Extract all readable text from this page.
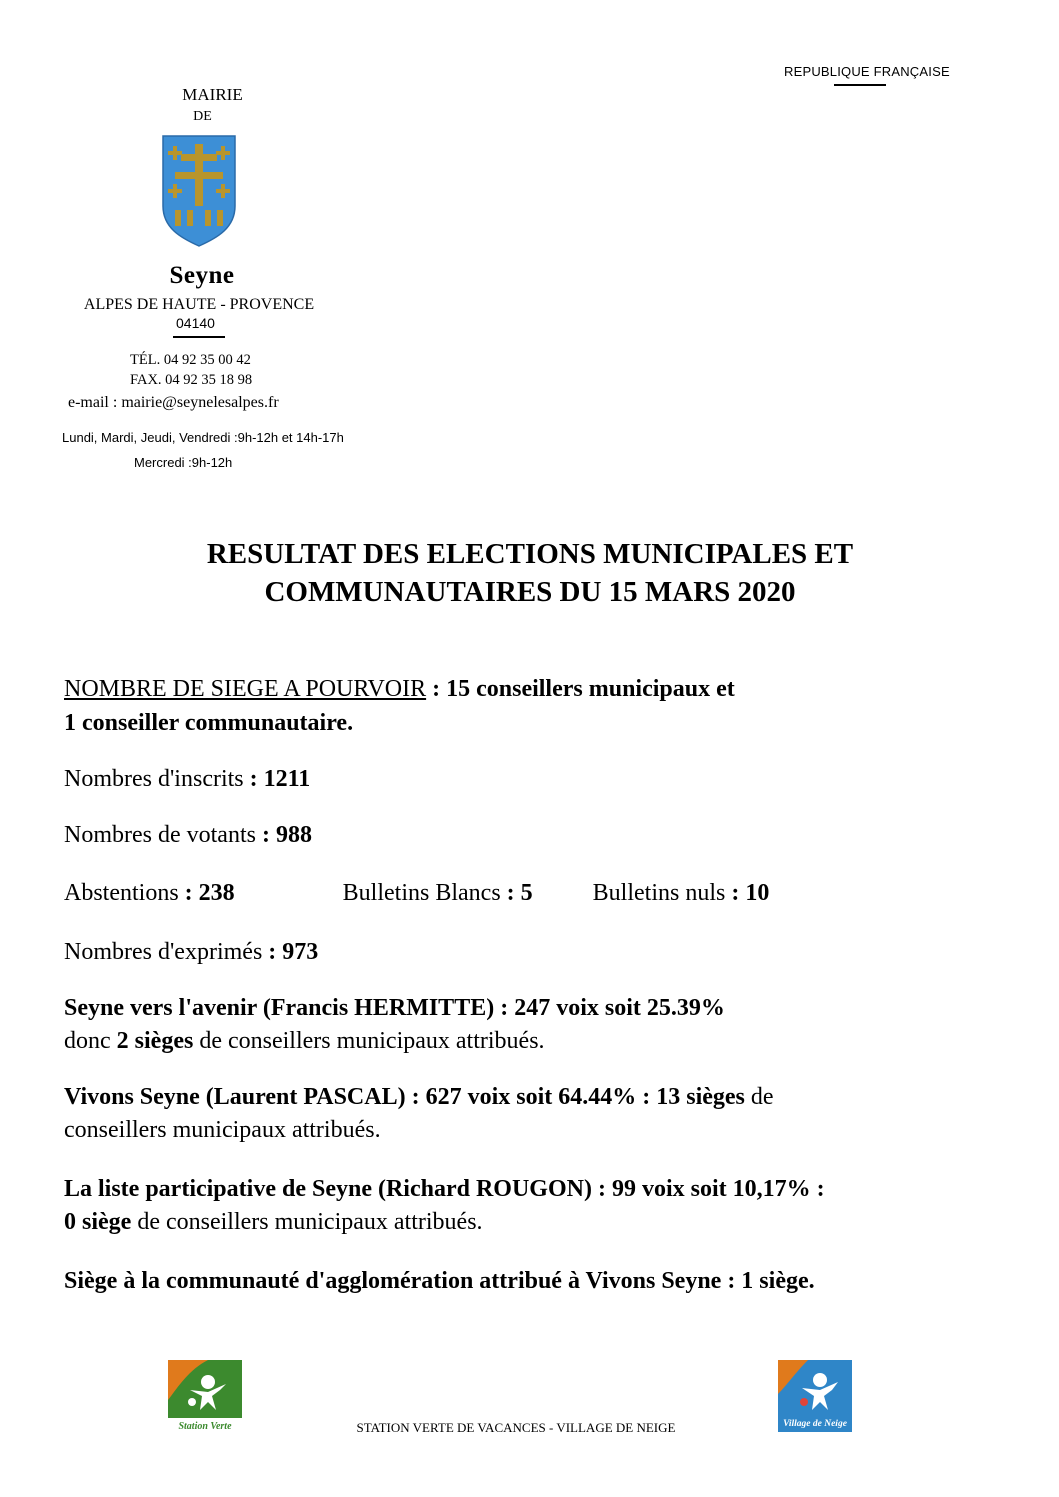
REPUBLIQUE FRANÇAISE
MAIRIE
DE
Seyne
ALPES DE HAUTE - PROVENCE
04140
TÉL. 04 92 35 00 42
FAX. 04 92 35 18 98
e-mail : mairie@seynelesalpes.fr
Lundi, Mardi, Jeudi, Vendredi :9h-12h et 14h-17h
Mercredi :9h-12h
RESULTAT DES ELECTIONS MUNICIPALES ET
COMMUNAUTAIRES DU 15 MARS 2020
NOMBRE DE SIEGE A POURVOIR : 15 conseillers municipaux et
1 conseiller communautaire.
Nombres d'inscrits : 1211
Nombres de votants : 988
Abstentions : 238	Bulletins Blancs : 5	Bulletins nuls : 10
Nombres d'exprimés : 973
Seyne vers l'avenir (Francis HERMITTE) : 247 voix soit 25.39%
donc 2 sièges de conseillers municipaux attribués.
Vivons Seyne (Laurent PASCAL) : 627 voix soit 64.44% : 13 sièges de
conseillers municipaux attribués.
La liste participative de Seyne (Richard ROUGON) : 99 voix soit 10,17% :
0 siège de conseillers municipaux attribués.
Siège à la communauté d'agglomération attribué à Vivons Seyne : 1 siège.
Station Verte	STATION VERTE DE VACANCES - VILLAGE DE NEIGE	Village de Neige
